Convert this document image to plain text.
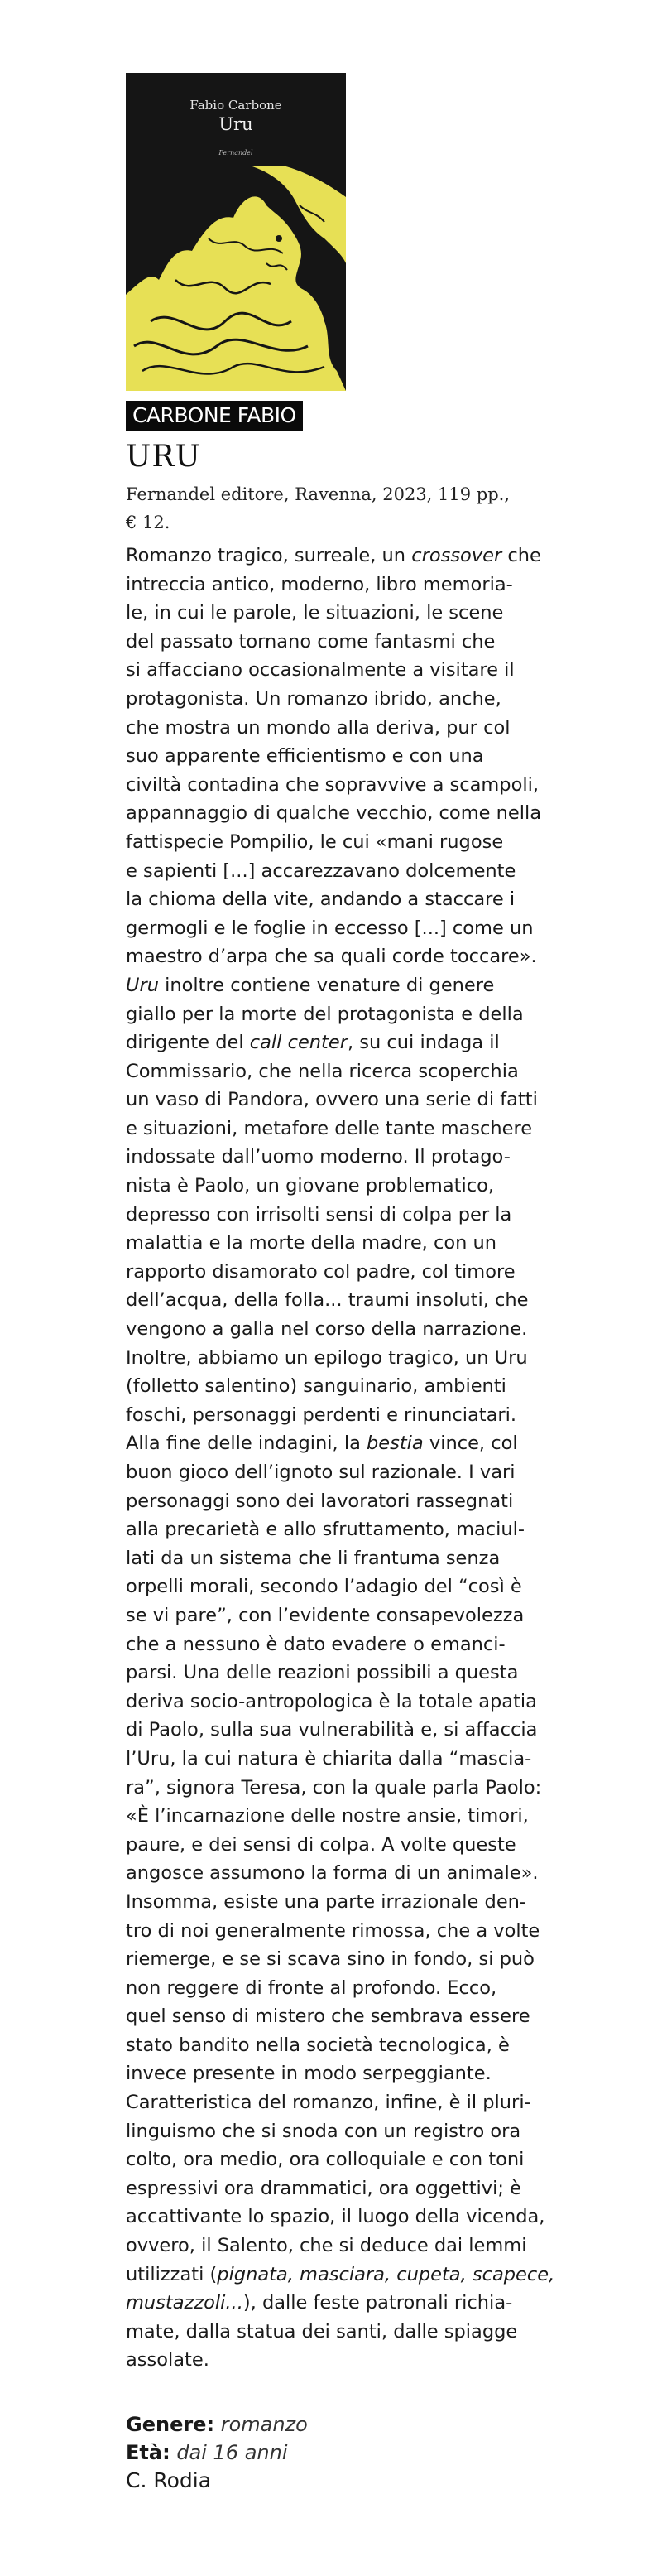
Fabio Carbone
Uru
Fernandel
CARBONE FABIO
URU
Fernandel editore, Ravenna, 2023, 119 pp.,
€ 12.
Romanzo tragico, surreale, un crossover che
intreccia antico, moderno, libro memoria-
le, in cui le parole, le situazioni, le scene
del passato tornano come fantasmi che
si affacciano occasionalmente a visitare il
protagonista. Un romanzo ibrido, anche,
che mostra un mondo alla deriva, pur col
suo apparente efficientismo e con una
civiltà contadina che sopravvive a scampoli,
appannaggio di qualche vecchio, come nella
fattispecie Pompilio, le cui «mani rugose
e sapienti [...] accarezzavano dolcemente
la chioma della vite, andando a staccare i
germogli e le foglie in eccesso [...] come un
maestro d’arpa che sa quali corde toccare».
Uru inoltre contiene venature di genere
giallo per la morte del protagonista e della
dirigente del call center, su cui indaga il
Commissario, che nella ricerca scoperchia
un vaso di Pandora, ovvero una serie di fatti
e situazioni, metafore delle tante maschere
indossate dall’uomo moderno. Il protago-
nista è Paolo, un giovane problematico,
depresso con irrisolti sensi di colpa per la
malattia e la morte della madre, con un
rapporto disamorato col padre, col timore
dell’acqua, della folla... traumi insoluti, che
vengono a galla nel corso della narrazione.
Inoltre, abbiamo un epilogo tragico, un Uru
(folletto salentino) sanguinario, ambienti
foschi, personaggi perdenti e rinunciatari.
Alla fine delle indagini, la bestia vince, col
buon gioco dell’ignoto sul razionale. I vari
personaggi sono dei lavoratori rassegnati
alla precarietà e allo sfruttamento, maciul-
lati da un sistema che li frantuma senza
orpelli morali, secondo l’adagio del “così è
se vi pare”, con l’evidente consapevolezza
che a nessuno è dato evadere o emanci-
parsi. Una delle reazioni possibili a questa
deriva socio-antropologica è la totale apatia
di Paolo, sulla sua vulnerabilità e, si affaccia
l’Uru, la cui natura è chiarita dalla “mascia-
ra”, signora Teresa, con la quale parla Paolo:
«È l’incarnazione delle nostre ansie, timori,
paure, e dei sensi di colpa. A volte queste
angosce assumono la forma di un animale».
Insomma, esiste una parte irrazionale den-
tro di noi generalmente rimossa, che a volte
riemerge, e se si scava sino in fondo, si può
non reggere di fronte al profondo. Ecco,
quel senso di mistero che sembrava essere
stato bandito nella società tecnologica, è
invece presente in modo serpeggiante.
Caratteristica del romanzo, infine, è il pluri-
linguismo che si snoda con un registro ora
colto, ora medio, ora colloquiale e con toni
espressivi ora drammatici, ora oggettivi; è
accattivante lo spazio, il luogo della vicenda,
ovvero, il Salento, che si deduce dai lemmi
utilizzati (pignata, masciara, cupeta, scapece,
mustazzoli...), dalle feste patronali richia-
mate, dalla statua dei santi, dalle spiagge
assolate.
Genere: romanzo
Età: dai 16 anni
C. Rodia
